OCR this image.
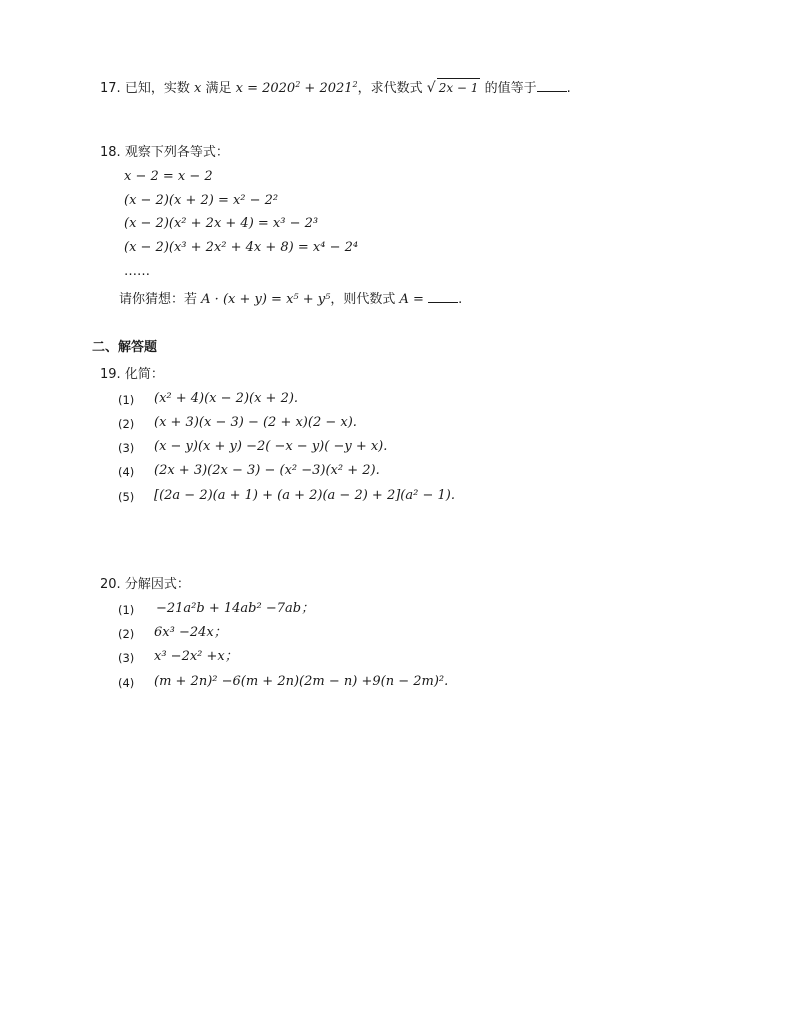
17. 已知，实数 x 满足 $x = 2020^2 + 2021^2$，求代数式 √ 2x − 1 的值等于 .
18. 观察下列各等式：
x − 2 = x − 2
(x − 2)(x + 2) = x² − 2²
(x − 2)(x² + 2x + 4) = x³ − 2³
(x − 2)(x³ + 2x² + 4x + 8) = x⁴ − 2⁴
……
请你猜想：若 A · (x + y) = x⁵ + y⁵，则代数式 A =	.
二、解答题
19. 化简：
(1) (x² + 4)(x − 2)(x + 2).
(2) (x + 3)(x − 3) − (2 + x)(2 − x).
(3) (x − y)(x + y) −2( −x − y)( −y + x).
(4) (2x + 3)(2x − 3) − (x² −3)(x² + 2).
(5) [(2a − 2)(a + 1) + (a + 2)(a − 2) + 2](a² − 1).
20. 分解因式：
(1) −21a²b + 14ab² −7ab；
(2) 6x³ −24x；
(3) x³ −2x² +x；
(4) (m + 2n)² −6(m + 2n)(2m − n) +9(n − 2m)².
